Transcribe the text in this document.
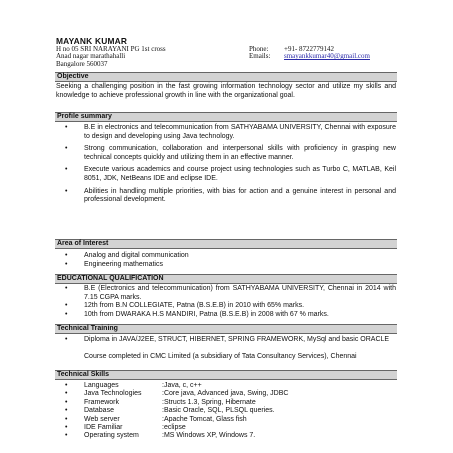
MAYANK KUMAR
H no 05 SRI NARAYANI PG 1st cross
Anad nagar marathahalli
Bangalore 560037
Phone: +91- 8722779142
Emails: smayankkumar40@gmail.com
Objective
Seeking a challenging position in the fast growing information technology sector and utilize my skills and knowledge to achieve professional growth in line with the organizational goal.
Profile summary
• B.E in electronics and telecommunication from SATHYABAMA UNIVERSITY, Chennai with exposure to design and developing using Java technology.
• Strong communication, collaboration and interpersonal skills with proficiency in grasping new technical concepts quickly and utilizing them in an effective manner.
• Execute various academics and course project using technologies such as Turbo C, MATLAB, Keil 8051, JDK, NetBeans IDE and eclipse IDE.
• Abilities in handling multiple priorities, with bias for action and a genuine interest in personal and professional development.
Area of Interest
• Analog and digital communication
• Engineering mathematics
EDUCATIONAL QUALIFICATION
• B.E (Electronics and telecommunication) from SATHYABAMA UNIVERSITY, Chennai in 2014 with 7.15 CGPA marks.
• 12th from B.N COLLEGIATE, Patna (B.S.E.B) in 2010 with 65% marks.
• 10th from DWARAKA H.S MANDIRI, Patna (B.S.E.B) in 2008 with 67 % marks.
Technical Training
• Diploma in JAVA/J2EE, STRUCT, HIBERNET, SPRING FRAMEWORK, MySql and basic ORACLE
Course completed in CMC Limited (a subsidiary of Tata Consultancy Services), Chennai
Technical Skills
• Languages	:Java, c, c++
• Java Technologies	:Core java, Advanced java, Swing, JDBC
• Framework	:Structs 1.3, Spring, Hibernate
• Database	:Basic Oracle, SQL, PLSQL queries.
• Web server	:Apache Tomcat, Glass fish
• IDE Familiar	:eclipse
• Operating system	:MS Windows XP, Windows 7.
